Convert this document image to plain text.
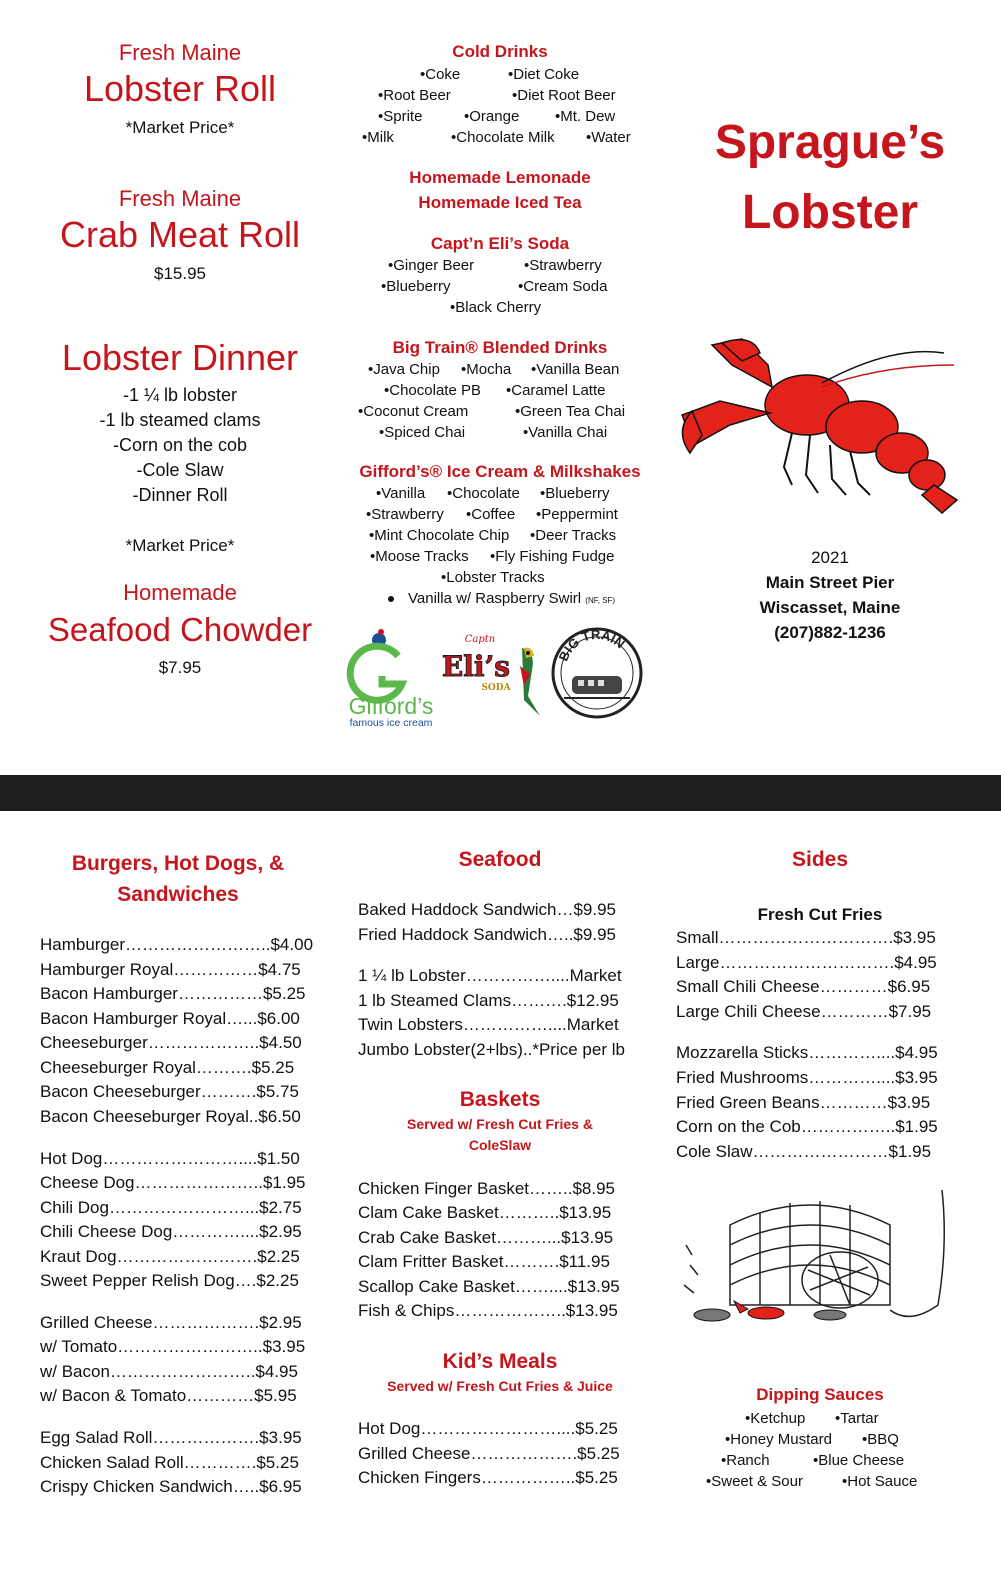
Fresh Maine
Lobster Roll
*Market Price*
Fresh Maine
Crab Meat Roll
$15.95
Lobster Dinner
-1 ¼ lb lobster
-1 lb steamed clams
-Corn on the cob
-Cole Slaw
-Dinner Roll
*Market Price*
Homemade
Seafood Chowder
$7.95
Cold Drinks
•Coke	•Diet Coke
•Root Beer	•Diet Root Beer
•Sprite	•Orange •Mt. Dew
•Milk	•Chocolate Milk •Water
Homemade Lemonade
Homemade Iced Tea
Capt’n Eli’s Soda
•Ginger Beer	•Strawberry
•Blueberry	•Cream Soda
•Black Cherry
Big Train® Blended Drinks
•Java Chip •Mocha •Vanilla Bean
•Chocolate PB •Caramel Latte
•Coconut Cream	•Green Tea Chai
•Spiced Chai	•Vanilla Chai
Gifford’s® Ice Cream & Milkshakes
•Vanilla •Chocolate •Blueberry
•Strawberry •Coffee •Peppermint
•Mint Chocolate Chip •Deer Tracks
•Moose Tracks •Fly Fishing Fudge
•Lobster Tracks
Vanilla w/ Raspberry Swirl (NF, SF)
Gifford’s
famous ice cream
Captn
Eli’s
SODA
BIG TRAIN
Sprague’s
Lobster
2021
Main Street Pier
Wiscasset, Maine
(207)882-1236
Burgers, Hot Dogs, &
Sandwiches
Hamburger……………………..$4.00
Hamburger Royal……………$4.75
Bacon Hamburger……………$5.25
Bacon Hamburger Royal…...$6.00
Cheeseburger………………..$4.50
Cheeseburger Royal……….$5.25
Bacon Cheeseburger……….$5.75
Bacon Cheeseburger Royal..$6.50
Hot Dog……………………....$1.50
Cheese Dog…………………..$1.95
Chili Dog……………………...$2.75
Chili Cheese Dog…………....$2.95
Kraut Dog…………………….$2.25
Sweet Pepper Relish Dog….$2.25
Grilled Cheese……………….$2.95
w/ Tomato……………………..$3.95
w/ Bacon……………………..$4.95
w/ Bacon & Tomato…………$5.95
Egg Salad Roll……………….$3.95
Chicken Salad Roll………….$5.25
Crispy Chicken Sandwich…..$6.95
Seafood
Baked Haddock Sandwich…$9.95
Fried Haddock Sandwich…..$9.95
1 ¼ lb Lobster……………....Market
1 lb Steamed Clams……….$12.95
Twin Lobsters……………....Market
Jumbo Lobster(2+lbs)..*Price per lb
Baskets
Served w/ Fresh Cut Fries &
ColeSlaw
Chicken Finger Basket……..$8.95
Clam Cake Basket………..$13.95
Crab Cake Basket………...$13.95
Clam Fritter Basket……….$11.95
Scallop Cake Basket……....$13.95
Fish & Chips………………..$13.95
Kid’s Meals
Served w/ Fresh Cut Fries & Juice
Hot Dog……………………....$5.25
Grilled Cheese……………….$5.25
Chicken Fingers……………..$5.25
Sides
Fresh Cut Fries
Small………………………….$3.95
Large………………………….$4.95
Small Chili Cheese…………$6.95
Large Chili Cheese…………$7.95
Mozzarella Sticks…………....$4.95
Fried Mushrooms…………....$3.95
Fried Green Beans…………$3.95
Corn on the Cob……………..$1.95
Cole Slaw……………………$1.95
Dipping Sauces
•Ketchup •Tartar
•Honey Mustard •BBQ
•Ranch	•Blue Cheese
•Sweet & Sour	•Hot Sauce
